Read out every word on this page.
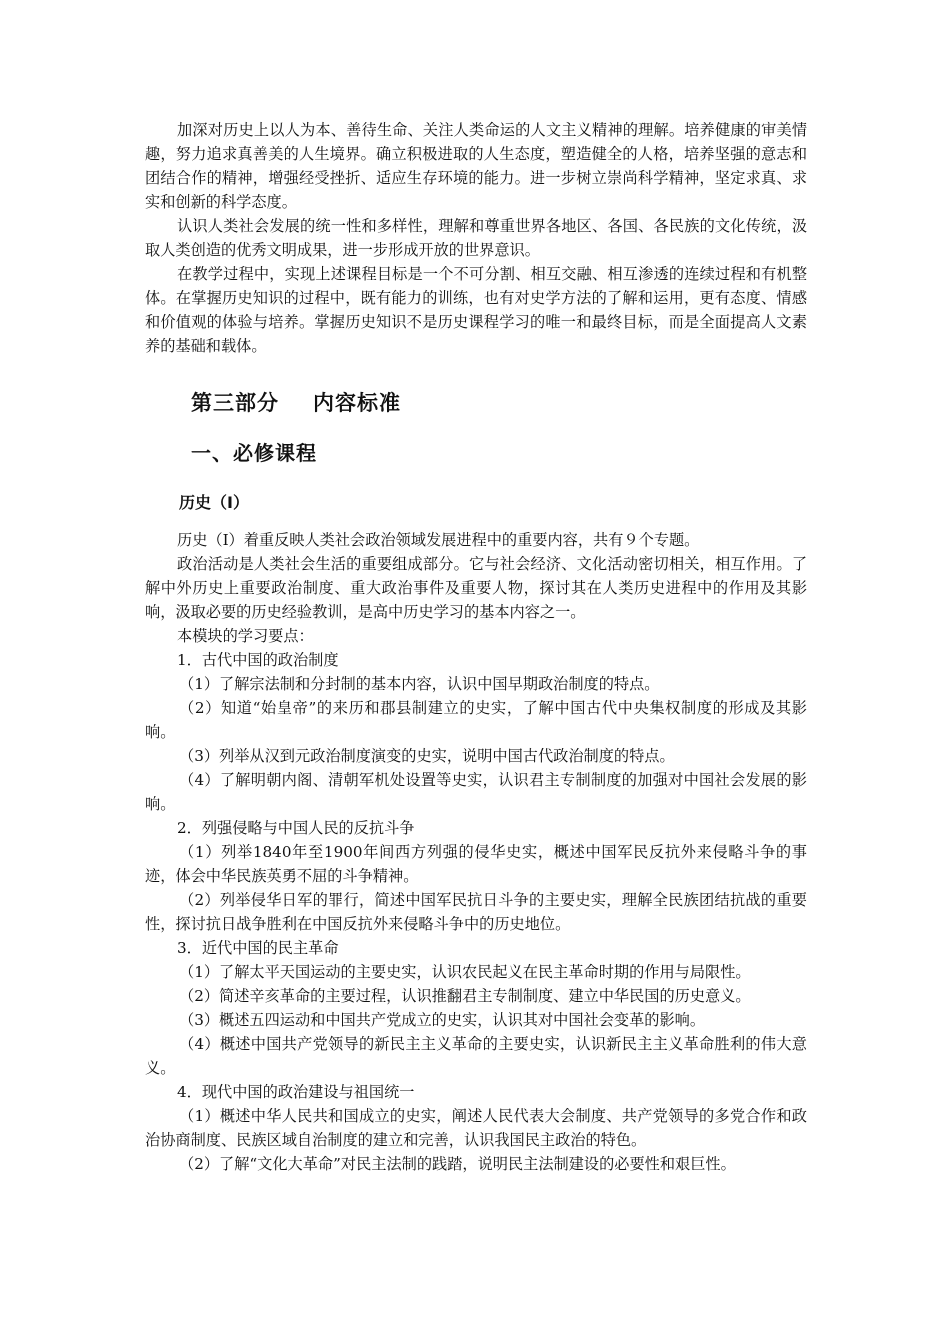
加深对历史上以人为本、善待生命、关注人类命运的人文主义精神的理解。培养健康的审美情趣，努力追求真善美的人生境界。确立积极进取的人生态度，塑造健全的人格，培养坚强的意志和团结合作的精神，增强经受挫折、适应生存环境的能力。进一步树立崇尚科学精神，坚定求真、求实和创新的科学态度。

认识人类社会发展的统一性和多样性，理解和尊重世界各地区、各国、各民族的文化传统，汲取人类创造的优秀文明成果，进一步形成开放的世界意识。

在教学过程中，实现上述课程目标是一个不可分割、相互交融、相互渗透的连续过程和有机整体。在掌握历史知识的过程中，既有能力的训练，也有对史学方法的了解和运用，更有态度、情感和价值观的体验与培养。掌握历史知识不是历史课程学习的唯一和最终目标，而是全面提高人文素养的基础和载体。

第三部分 内容标准
一、必修课程
历史（Ⅰ）

历史（Ⅰ）着重反映人类社会政治领域发展进程中的重要内容，共有９个专题。

政治活动是人类社会生活的重要组成部分。它与社会经济、文化活动密切相关，相互作用。了解中外历史上重要政治制度、重大政治事件及重要人物，探讨其在人类历史进程中的作用及其影响，汲取必要的历史经验教训，是高中历史学习的基本内容之一。

本模块的学习要点：

1．古代中国的政治制度

（1）了解宗法制和分封制的基本内容，认识中国早期政治制度的特点。

（2）知道“始皇帝”的来历和郡县制建立的史实，了解中国古代中央集权制度的形成及其影响。

（3）列举从汉到元政治制度演变的史实，说明中国古代政治制度的特点。

（4）了解明朝内阁、清朝军机处设置等史实，认识君主专制制度的加强对中国社会发展的影响。

2．列强侵略与中国人民的反抗斗争

（1）列举1840年至1900年间西方列强的侵华史实，概述中国军民反抗外来侵略斗争的事迹，体会中华民族英勇不屈的斗争精神。

（2）列举侵华日军的罪行，简述中国军民抗日斗争的主要史实，理解全民族团结抗战的重要性，探讨抗日战争胜利在中国反抗外来侵略斗争中的历史地位。

3．近代中国的民主革命

（1）了解太平天国运动的主要史实，认识农民起义在民主革命时期的作用与局限性。

（2）简述辛亥革命的主要过程，认识推翻君主专制制度、建立中华民国的历史意义。

（3）概述五四运动和中国共产党成立的史实，认识其对中国社会变革的影响。

（4）概述中国共产党领导的新民主主义革命的主要史实，认识新民主主义革命胜利的伟大意义。

4．现代中国的政治建设与祖国统一

（1）概述中华人民共和国成立的史实，阐述人民代表大会制度、共产党领导的多党合作和政治协商制度、民族区域自治制度的建立和完善，认识我国民主政治的特色。

（2）了解“文化大革命”对民主法制的践踏，说明民主法制建设的必要性和艰巨性。
